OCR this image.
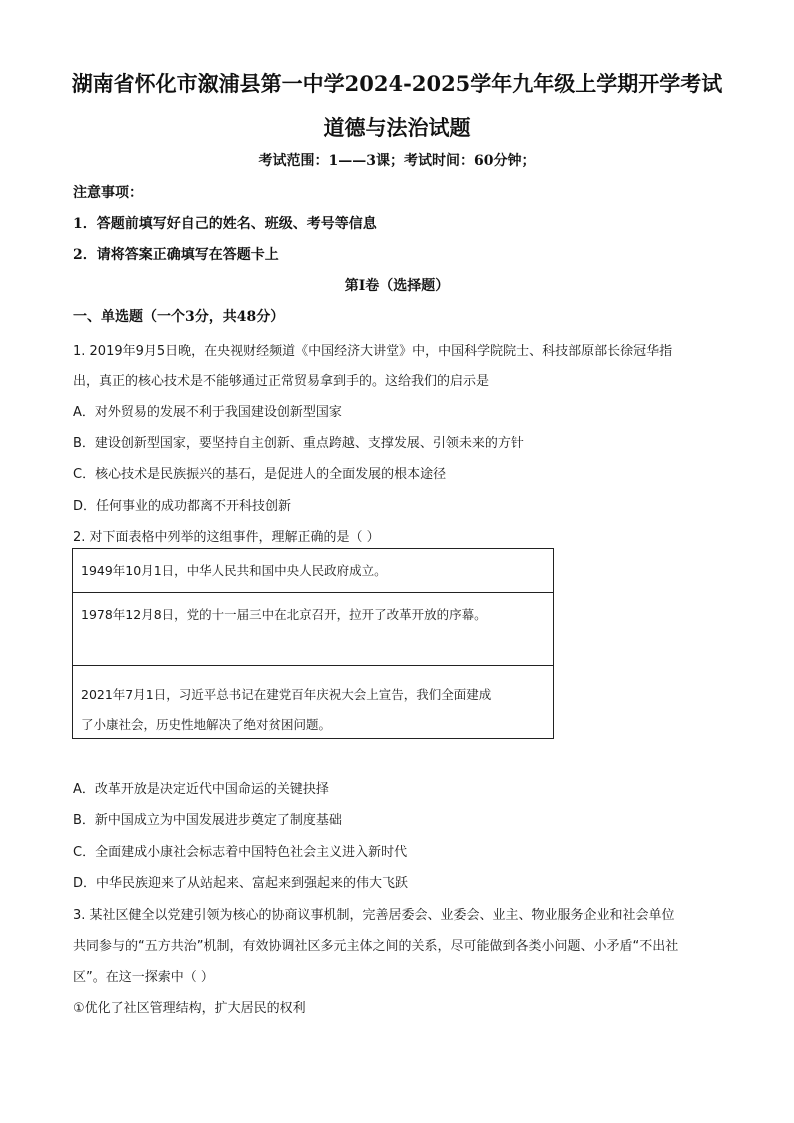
湖南省怀化市溆浦县第一中学2024-2025学年九年级上学期开学考试
道德与法治试题
考试范围：1——3课；考试时间：60分钟；
注意事项：
1．答题前填写好自己的姓名、班级、考号等信息
2．请将答案正确填写在答题卡上
第I卷（选择题）
一、单选题（一个3分，共48分）
1. 2019年9月5日晚，在央视财经频道《中国经济大讲堂》中，中国科学院院士、科技部原部长徐冠华指
出，真正的核心技术是不能够通过正常贸易拿到手的。这给我们的启示是
A．对外贸易的发展不利于我国建设创新型国家
B．建设创新型国家，要坚持自主创新、重点跨越、支撑发展、引领未来的方针
C．核心技术是民族振兴的基石，是促进人的全面发展的根本途径
D．任何事业的成功都离不开科技创新
2. 对下面表格中列举的这组事件，理解正确的是（ ）
1949年10月1日，中华人民共和国中央人民政府成立。
1978年12月8日，党的十一届三中在北京召开，拉开了改革开放的序幕。
2021年7月1日，习近平总书记在建党百年庆祝大会上宣告，我们全面建成
了小康社会，历史性地解决了绝对贫困问题。
A．改革开放是决定近代中国命运的关键抉择
B．新中国成立为中国发展进步奠定了制度基础
C．全面建成小康社会标志着中国特色社会主义进入新时代
D．中华民族迎来了从站起来、富起来到强起来的伟大飞跃
3. 某社区健全以党建引领为核心的协商议事机制，完善居委会、业委会、业主、物业服务企业和社会单位
共同参与的“五方共治”机制，有效协调社区多元主体之间的关系，尽可能做到各类小问题、小矛盾“不出社
区”。在这一探索中（ ）
①优化了社区管理结构，扩大居民的权利
